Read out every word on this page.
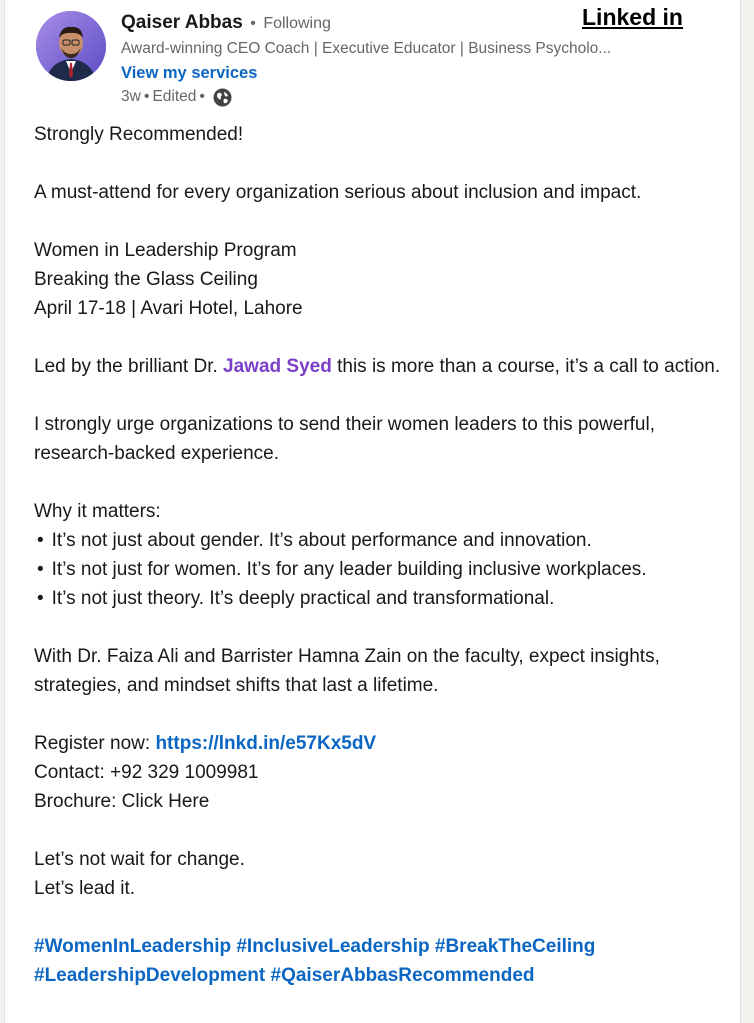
Linked in
Qaiser Abbas • Following
Award-winning CEO Coach | Executive Educator | Business Psycholo...
View my services
3w • Edited •

Strongly Recommended!

A must-attend for every organization serious about inclusion and impact.

Women in Leadership Program
Breaking the Glass Ceiling
April 17-18 | Avari Hotel, Lahore

Led by the brilliant Dr. Jawad Syed this is more than a course, it’s a call to action.

I strongly urge organizations to send their women leaders to this powerful, research-backed experience.

Why it matters:
• It’s not just about gender. It’s about performance and innovation.
• It’s not just for women. It’s for any leader building inclusive workplaces.
• It’s not just theory. It’s deeply practical and transformational.

With Dr. Faiza Ali and Barrister Hamna Zain on the faculty, expect insights, strategies, and mindset shifts that last a lifetime.

Register now: https://lnkd.in/e57Kx5dV
Contact: +92 329 1009981
Brochure: Click Here

Let’s not wait for change.
Let’s lead it.

#WomenInLeadership #InclusiveLeadership #BreakTheCeiling
#LeadershipDevelopment #QaiserAbbasRecommended
